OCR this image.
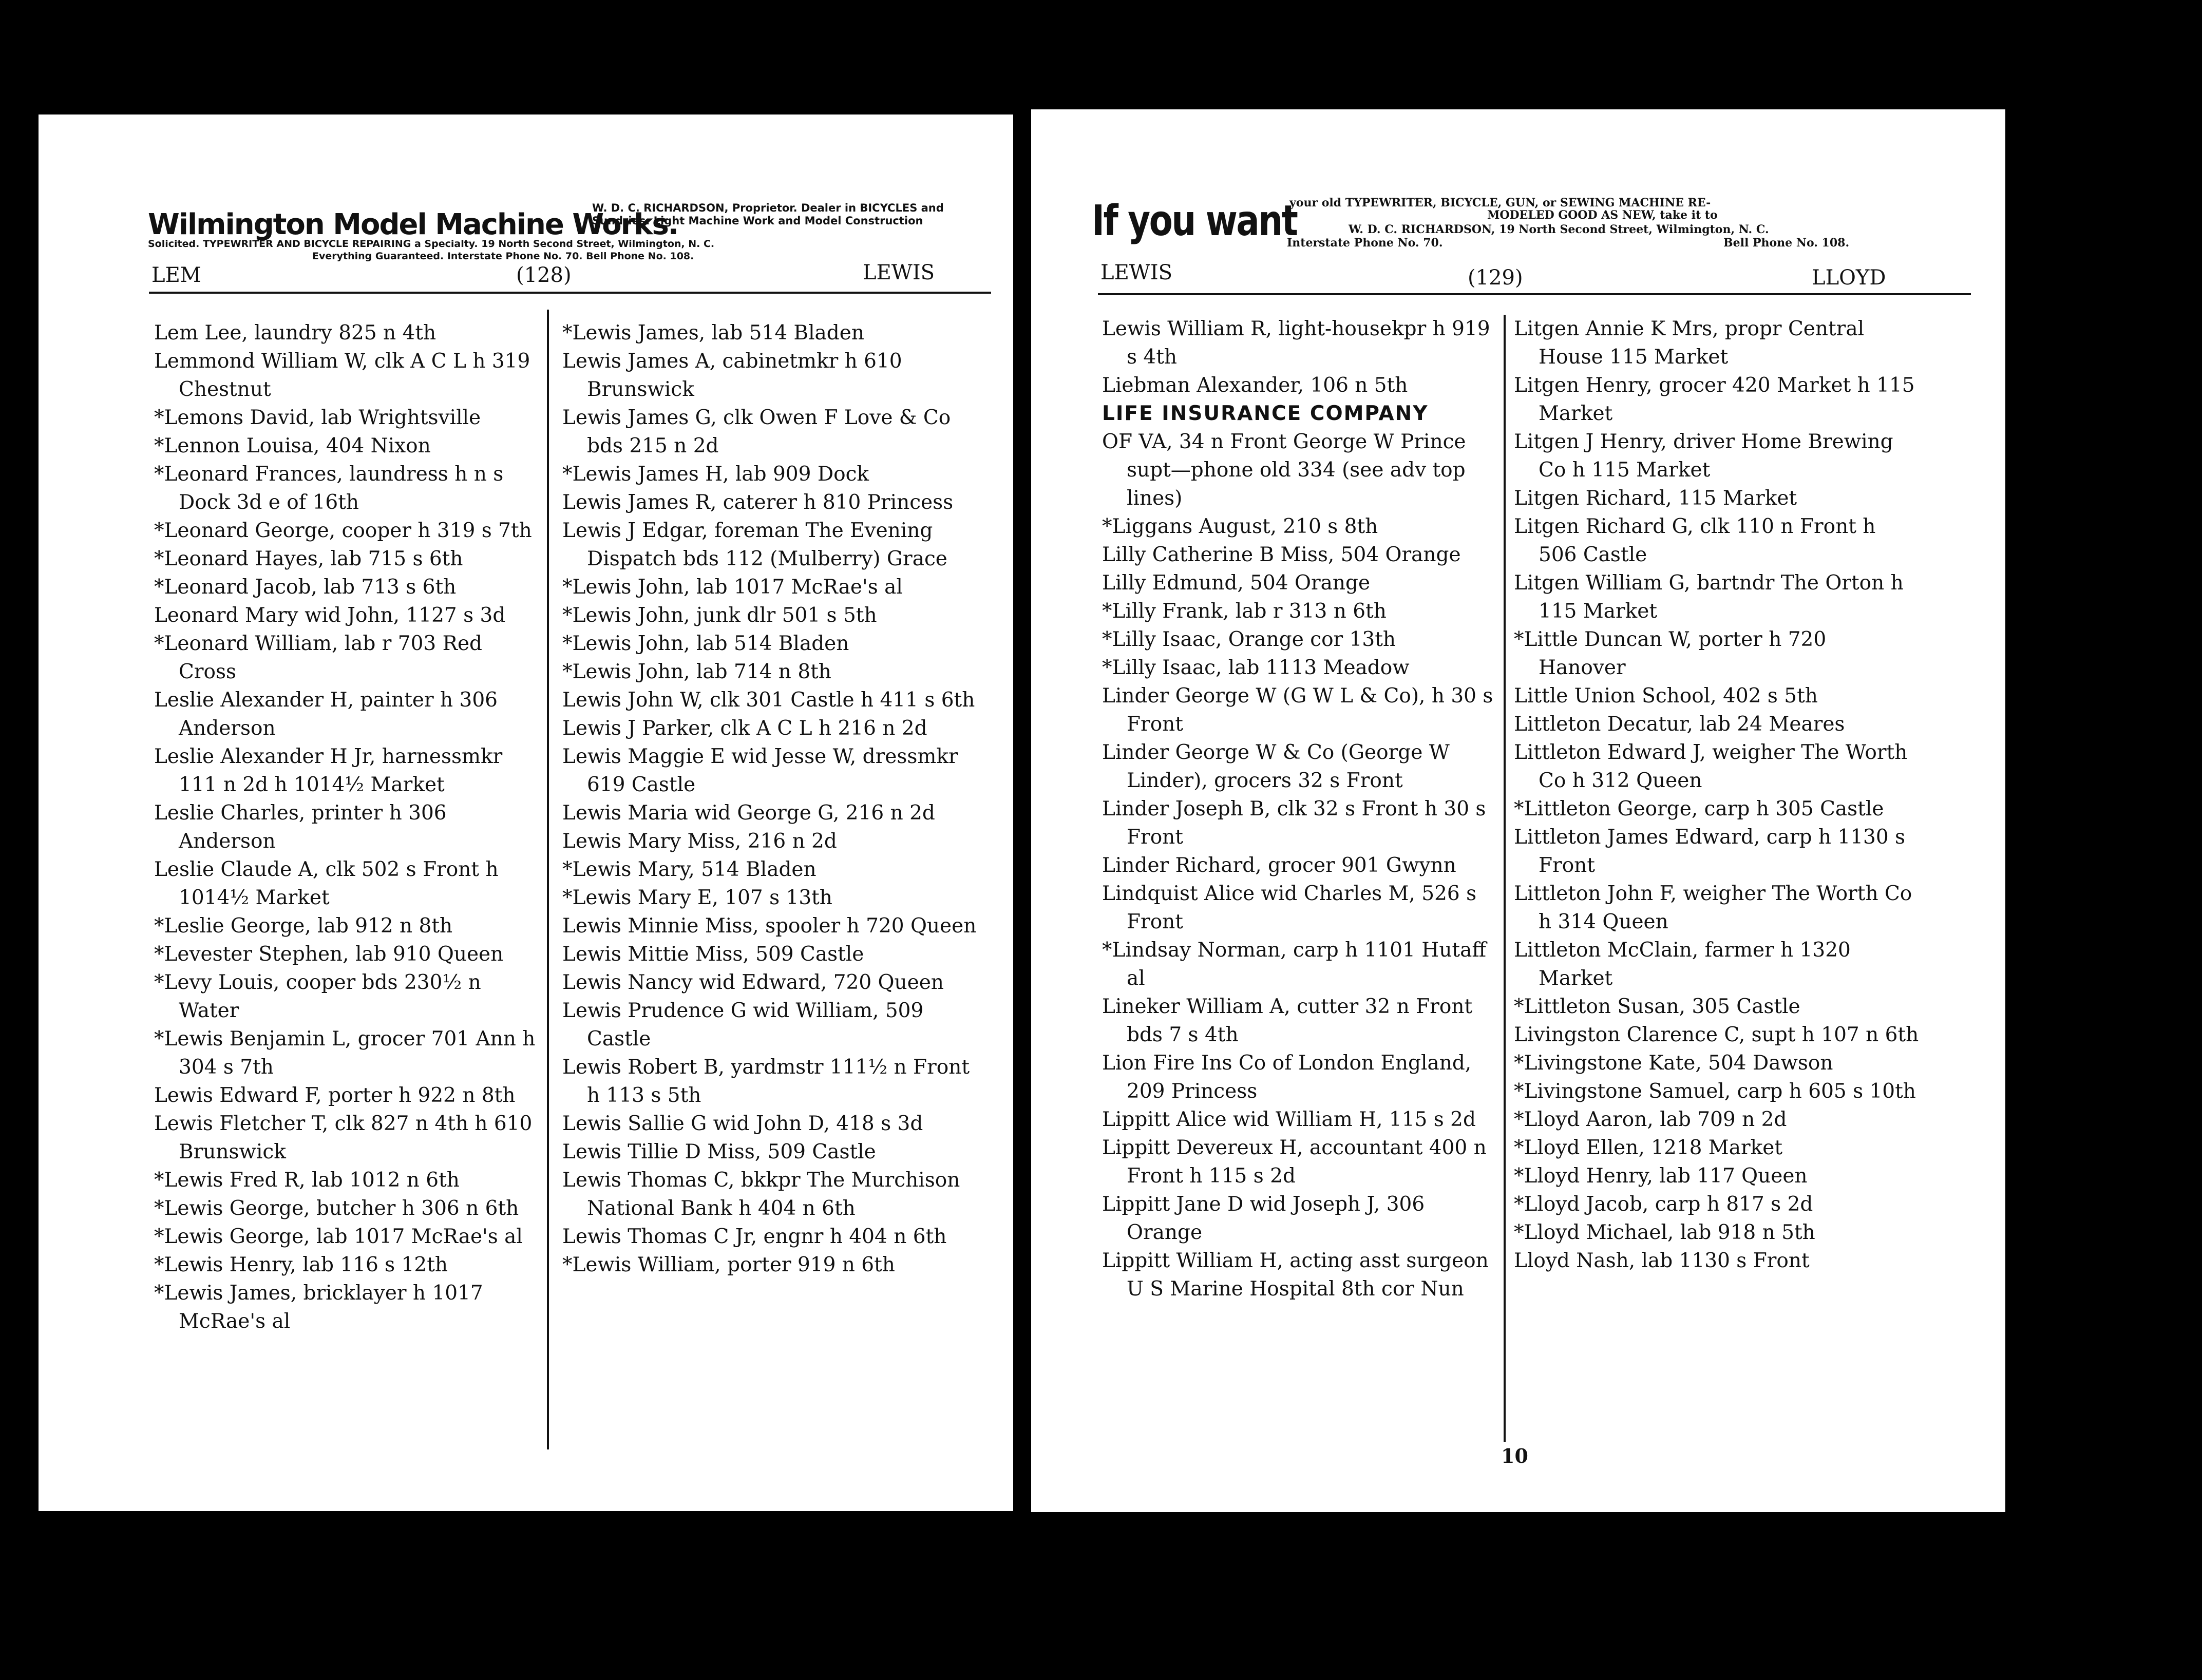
Wilmington Model Machine Works.
W. D. C. RICHARDSON, Proprietor. Dealer in BICYCLES and
Sundries. Light Machine Work and Model Construction
Solicited. TYPEWRITER AND BICYCLE REPAIRING a Specialty. 19 North Second Street, Wilmington, N. C.
Everything Guaranteed. Interstate Phone No. 70. Bell Phone No. 108.
LEM	(128)	LEWIS
Lem Lee, laundry 825 n 4th
Lemmond William W, clk A C L h 319 Chestnut
*Lemons David, lab Wrightsville
*Lennon Louisa, 404 Nixon
*Leonard Frances, laundress h n s Dock 3d e of 16th
*Leonard George, cooper h 319 s 7th
*Leonard Hayes, lab 715 s 6th
*Leonard Jacob, lab 713 s 6th
Leonard Mary wid John, 1127 s 3d
*Leonard William, lab r 703 Red Cross
Leslie Alexander H, painter h 306 Anderson
Leslie Alexander H Jr, harnessmkr 111 n 2d h 1014½ Market
Leslie Charles, printer h 306 Anderson
Leslie Claude A, clk 502 s Front h 1014½ Market
*Leslie George, lab 912 n 8th
*Levester Stephen, lab 910 Queen
*Levy Louis, cooper bds 230½ n Water
*Lewis Benjamin L, grocer 701 Ann h 304 s 7th
Lewis Edward F, porter h 922 n 8th
Lewis Fletcher T, clk 827 n 4th h 610 Brunswick
*Lewis Fred R, lab 1012 n 6th
*Lewis George, butcher h 306 n 6th
*Lewis George, lab 1017 McRae's al
*Lewis Henry, lab 116 s 12th
*Lewis James, bricklayer h 1017 McRae's al
*Lewis James, lab 514 Bladen
Lewis James A, cabinetmkr h 610 Brunswick
Lewis James G, clk Owen F Love & Co bds 215 n 2d
*Lewis James H, lab 909 Dock
Lewis James R, caterer h 810 Princess
Lewis J Edgar, foreman The Evening Dispatch bds 112 (Mulberry) Grace
*Lewis John, lab 1017 McRae's al
*Lewis John, junk dlr 501 s 5th
*Lewis John, lab 514 Bladen
*Lewis John, lab 714 n 8th
Lewis John W, clk 301 Castle h 411 s 6th
Lewis J Parker, clk A C L h 216 n 2d
Lewis Maggie E wid Jesse W, dressmkr 619 Castle
Lewis Maria wid George G, 216 n 2d
Lewis Mary Miss, 216 n 2d
*Lewis Mary, 514 Bladen
*Lewis Mary E, 107 s 13th
Lewis Minnie Miss, spooler h 720 Queen
Lewis Mittie Miss, 509 Castle
Lewis Nancy wid Edward, 720 Queen
Lewis Prudence G wid William, 509 Castle
Lewis Robert B, yardmstr 111½ n Front h 113 s 5th
Lewis Sallie G wid John D, 418 s 3d
Lewis Tillie D Miss, 509 Castle
Lewis Thomas C, bkkpr The Murchison National Bank h 404 n 6th
Lewis Thomas C Jr, engnr h 404 n 6th
*Lewis William, porter 919 n 6th
If you want
your old TYPEWRITER, BICYCLE, GUN, or SEWING MACHINE RE-
MODELED GOOD AS NEW, take it to
W. D. C. RICHARDSON, 19 North Second Street, Wilmington, N. C.
Interstate Phone No. 70.	Bell Phone No. 108.
LEWIS	(129)	LLOYD
Lewis William R, light-housekpr h 919 s 4th
Liebman Alexander, 106 n 5th
LIFE INSURANCE COMPANY
OF VA, 34 n Front George W Prince supt—phone old 334 (see adv top lines)
*Liggans August, 210 s 8th
Lilly Catherine B Miss, 504 Orange
Lilly Edmund, 504 Orange
*Lilly Frank, lab r 313 n 6th
*Lilly Isaac, Orange cor 13th
*Lilly Isaac, lab 1113 Meadow
Linder George W (G W L & Co), h 30 s Front
Linder George W & Co (George W Linder), grocers 32 s Front
Linder Joseph B, clk 32 s Front h 30 s Front
Linder Richard, grocer 901 Gwynn
Lindquist Alice wid Charles M, 526 s Front
*Lindsay Norman, carp h 1101 Hutaff al
Lineker William A, cutter 32 n Front bds 7 s 4th
Lion Fire Ins Co of London England, 209 Princess
Lippitt Alice wid William H, 115 s 2d
Lippitt Devereux H, accountant 400 n Front h 115 s 2d
Lippitt Jane D wid Joseph J, 306 Orange
Lippitt William H, acting asst surgeon U S Marine Hospital 8th cor Nun
Litgen Annie K Mrs, propr Central House 115 Market
Litgen Henry, grocer 420 Market h 115 Market
Litgen J Henry, driver Home Brewing Co h 115 Market
Litgen Richard, 115 Market
Litgen Richard G, clk 110 n Front h 506 Castle
Litgen William G, bartndr The Orton h 115 Market
*Little Duncan W, porter h 720 Hanover
Little Union School, 402 s 5th
Littleton Decatur, lab 24 Meares
Littleton Edward J, weigher The Worth Co h 312 Queen
*Littleton George, carp h 305 Castle
Littleton James Edward, carp h 1130 s Front
Littleton John F, weigher The Worth Co h 314 Queen
Littleton McClain, farmer h 1320 Market
*Littleton Susan, 305 Castle
Livingston Clarence C, supt h 107 n 6th
*Livingstone Kate, 504 Dawson
*Livingstone Samuel, carp h 605 s 10th
*Lloyd Aaron, lab 709 n 2d
*Lloyd Ellen, 1218 Market
*Lloyd Henry, lab 117 Queen
*Lloyd Jacob, carp h 817 s 2d
*Lloyd Michael, lab 918 n 5th
Lloyd Nash, lab 1130 s Front
10
